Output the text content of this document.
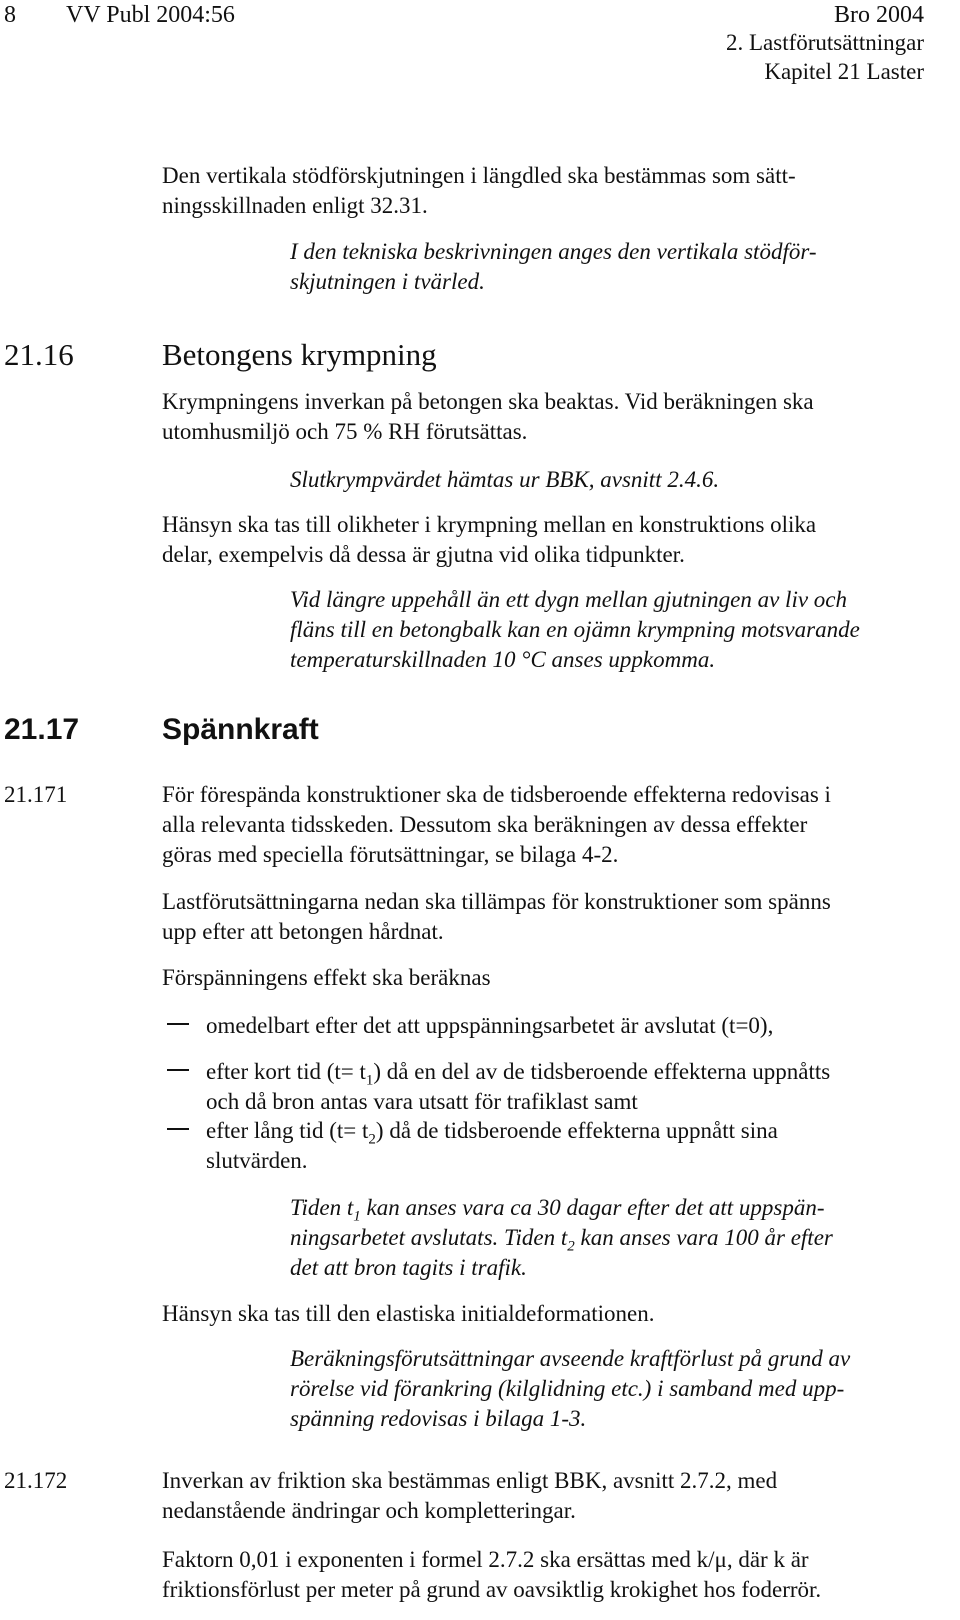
8 VV Publ 2004:56	Bro 2004
2. Lastförutsättningar
Kapitel 21 Laster
Den vertikala stödförskjutningen i längdled ska bestämmas som sätt-
ningsskillnaden enligt 32.31.
I den tekniska beskrivningen anges den vertikala stödför-
skjutningen i tvärled.
21.16	Betongens krympning
Krympningens inverkan på betongen ska beaktas. Vid beräkningen ska
utomhusmiljö och 75 % RH förutsättas.
Slutkrympvärdet hämtas ur BBK, avsnitt 2.4.6.
Hänsyn ska tas till olikheter i krympning mellan en konstruktions olika
delar, exempelvis då dessa är gjutna vid olika tidpunkter.
Vid längre uppehåll än ett dygn mellan gjutningen av liv och
fläns till en betongbalk kan en ojämn krympning motsvarande
temperaturskillnaden 10 °C anses uppkomma.
21.17	Spännkraft
21.171	För förespända konstruktioner ska de tidsberoende effekterna redovisas i
alla relevanta tidsskeden. Dessutom ska beräkningen av dessa effekter
göras med speciella förutsättningar, se bilaga 4-2.
Lastförutsättningarna nedan ska tillämpas för konstruktioner som spänns
upp efter att betongen hårdnat.
Förspänningens effekt ska beräknas
omedelbart efter det att uppspänningsarbetet är avslutat (t=0),
efter kort tid $(t= t_1)$ då en del av de tidsberoende effekterna uppnåtts
och då bron antas vara utsatt för trafiklast samt
efter lång tid $(t= t_2)$ då de tidsberoende effekterna uppnått sina
slutvärden.
Tiden $t_1$ kan anses vara ca 30 dagar efter det att uppspän-
ningsarbetet avslutats. Tiden $t_2$ kan anses vara 100 år efter
det att bron tagits i trafik.
Hänsyn ska tas till den elastiska initialdeformationen.
Beräkningsförutsättningar avseende kraftförlust på grund av
rörelse vid förankring (kilglidning etc.) i samband med upp-
spänning redovisas i bilaga 1-3.
21.172	Inverkan av friktion ska bestämmas enligt BBK, avsnitt 2.7.2, med
nedanstående ändringar och kompletteringar.
Faktorn 0,01 i exponenten i formel 2.7.2 ska ersättas med k/μ, där k är
friktionsförlust per meter på grund av oavsiktlig krokighet hos foderrör.
